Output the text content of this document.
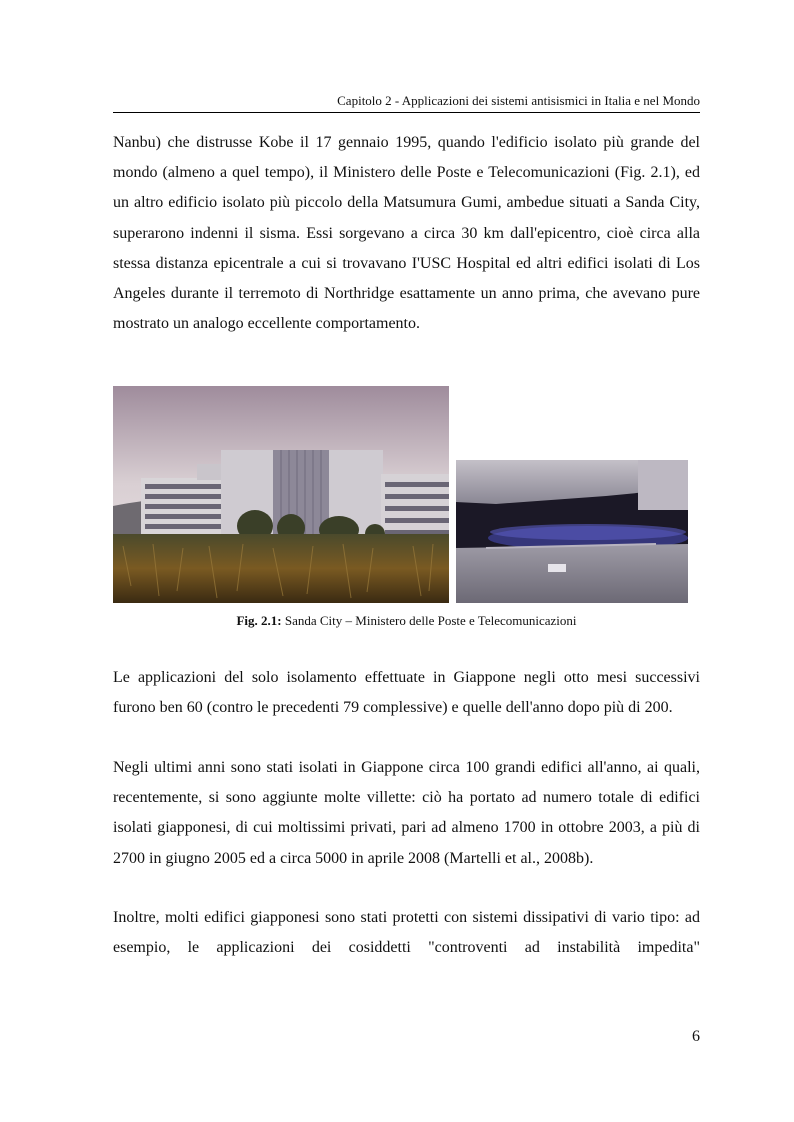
Capitolo 2 - Applicazioni dei sistemi antisismici in Italia e nel Mondo

Nanbu) che distrusse Kobe il 17 gennaio 1995, quando l'edificio isolato più grande del mondo (almeno a quel tempo), il Ministero delle Poste e Telecomunicazioni (Fig. 2.1), ed un altro edificio isolato più piccolo della Matsumura Gumi, ambedue situati a Sanda City, superarono indenni il sisma. Essi sorgevano a circa 30 km dall'epicentro, cioè circa alla stessa distanza epicentrale a cui si trovavano I'USC Hospital ed altri edifici isolati di Los Angeles durante il terremoto di Northridge esattamente un anno prima, che avevano pure mostrato un analogo eccellente comportamento.

Fig. 2.1: Sanda City – Ministero delle Poste e Telecomunicazioni

Le applicazioni del solo isolamento effettuate in Giappone negli otto mesi successivi furono ben 60 (contro le precedenti 79 complessive) e quelle dell'anno dopo più di 200.

Negli ultimi anni sono stati isolati in Giappone circa 100 grandi edifici all'anno, ai quali, recentemente, si sono aggiunte molte villette: ciò ha portato ad numero totale di edifici isolati giapponesi, di cui moltissimi privati, pari ad almeno 1700 in ottobre 2003, a più di 2700 in giugno 2005 ed a circa 5000 in aprile 2008 (Martelli et al., 2008b).

Inoltre, molti edifici giapponesi sono stati protetti con sistemi dissipativi di vario tipo: ad esempio, le applicazioni dei cosiddetti "controventi ad instabilità impedita"

6
